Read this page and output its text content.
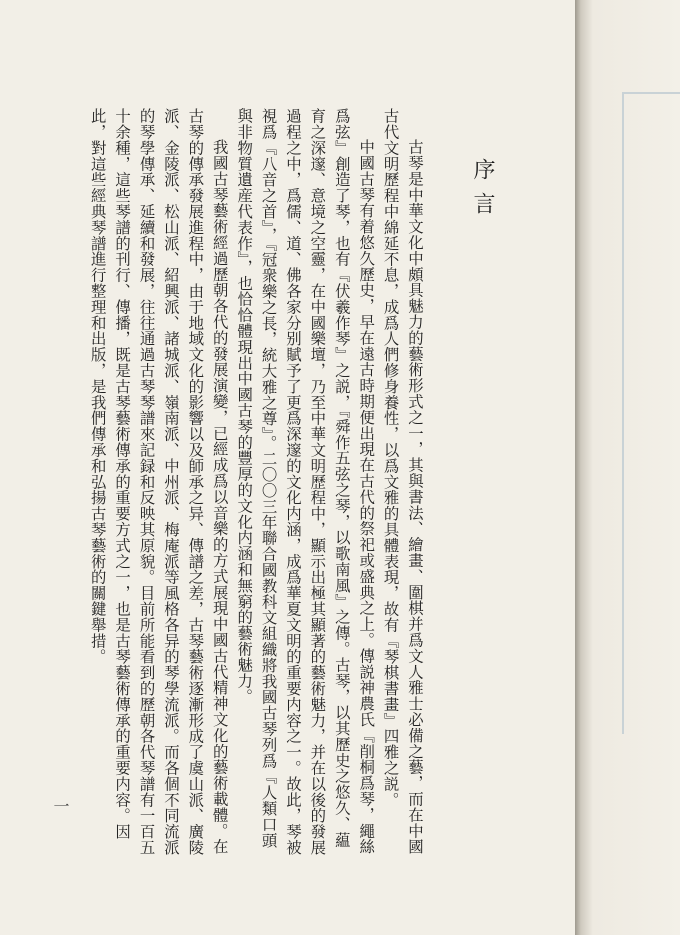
序言

古琴是中華文化中頗具魅力的藝術形式之一，其與書法、繪畫、圍棋并爲文人雅士必備之藝，而在中國古代文明歷程中綿延不息，成爲人們修身養性，以爲文雅的具體表現，故有『琴棋書畫』四雅之説。

中國古琴有着悠久歷史，早在遠古時期便出現在古代的祭祀或盛典之上。傳説神農氏『削桐爲琴，繩絲爲弦』創造了琴，也有『伏羲作琴』之説，『舜作五弦之琴，以歌南風』之傳。古琴，以其歷史之悠久、藴育之深邃、意境之空靈，在中國樂壇，乃至中華文明歷程中，顯示出極其顯著的藝術魅力，并在以後的發展過程之中，爲儒、道、佛各家分别賦予了更爲深邃的文化内涵，成爲華夏文明的重要内容之一。故此，琴被視爲『八音之首』，『冠衆樂之長，統大雅之尊』。二〇〇三年聯合國教科文組織將我國古琴列爲『人類口頭與非物質遺産代表作』，也恰恰體現出中國古琴的豐厚的文化内涵和無窮的藝術魅力。

我國古琴藝術經過歷朝各代的發展演變，已經成爲以音樂的方式展現中國古代精神文化的藝術載體。在古琴的傳承發展進程中，由于地域文化的影響以及師承之异、傳譜之差，古琴藝術逐漸形成了虞山派、廣陵派、金陵派、松山派、紹興派、諸城派、嶺南派、中州派、梅庵派等風格各异的琴學流派。而各個不同流派的琴學傳承、延續和發展，往往通過古琴琴譜來記録和反映其原貌。目前所能看到的歷朝各代琴譜有一百五十余種，這些琴譜的刊行、傳播，既是古琴藝術傳承的重要方式之一，也是古琴藝術傳承的重要内容。因此，對這些經典琴譜進行整理和出版，是我們傳承和弘揚古琴藝術的關鍵舉措。

一
